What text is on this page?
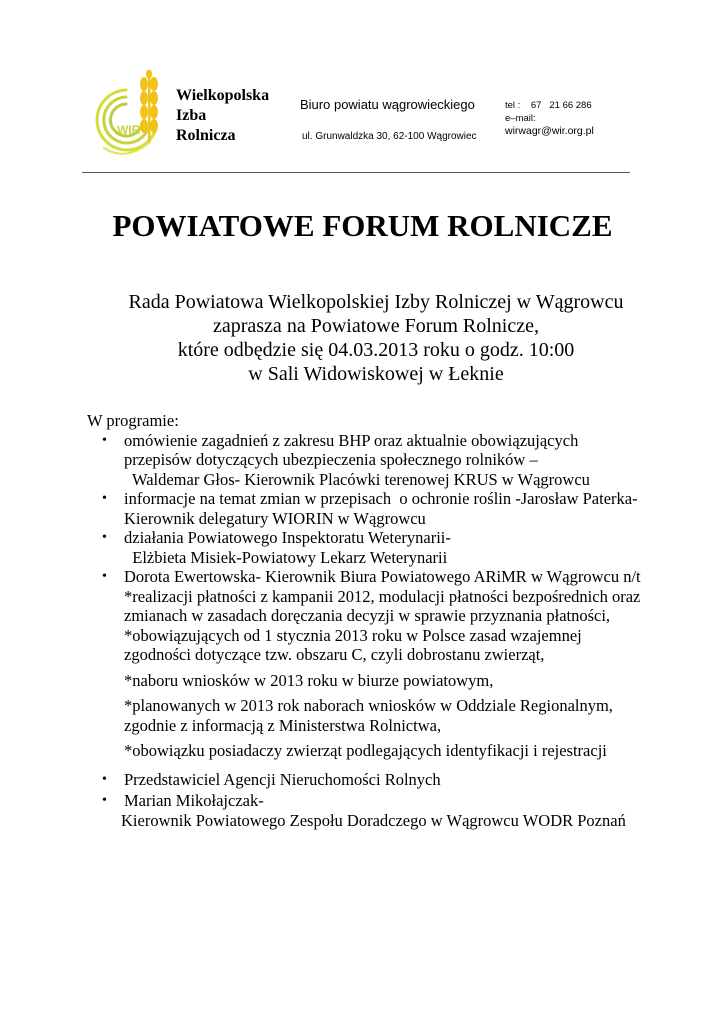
WIR
Wielkopolska
Izba
Rolnicza
Biuro powiatu wągrowieckiego
ul. Grunwaldzka 30, 62-100 Wągrowiec
tel : 67   21 66 286
e–mail:
wirwagr@wir.org.pl
POWIATOWE FORUM ROLNICZE
Rada Powiatowa Wielkopolskiej Izby Rolniczej w Wągrowcu
zaprasza na Powiatowe Forum Rolnicze,
które odbędzie się 04.03.2013 roku o godz. 10:00
w Sali Widowiskowej w Łeknie
W programie:
• omówienie zagadnień z zakresu BHP oraz aktualnie obowiązujących
przepisów dotyczących ubezpieczenia społecznego rolników –
Waldemar Głos- Kierownik Placówki terenowej KRUS w Wągrowcu
• informacje na temat zmian w przepisach  o ochronie roślin -Jarosław Paterka-
Kierownik delegatury WIORIN w Wągrowcu
• działania Powiatowego Inspektoratu Weterynarii-
Elżbieta Misiek-Powiatowy Lekarz Weterynarii
• Dorota Ewertowska- Kierownik Biura Powiatowego ARiMR w Wągrowcu n/t
*realizacji płatności z kampanii 2012, modulacji płatności bezpośrednich oraz
zmianach w zasadach doręczania decyzji w sprawie przyznania płatności,
*obowiązujących od 1 stycznia 2013 roku w Polsce zasad wzajemnej
zgodności dotyczące tzw. obszaru C, czyli dobrostanu zwierząt,
*naboru wniosków w 2013 roku w biurze powiatowym,
*planowanych w 2013 rok naborach wniosków w Oddziale Regionalnym,
zgodnie z informacją z Ministerstwa Rolnictwa,
*obowiązku posiadaczy zwierząt podlegających identyfikacji i rejestracji
• Przedstawiciel Agencji Nieruchomości Rolnych
• Marian Mikołajczak-
Kierownik Powiatowego Zespołu Doradczego w Wągrowcu WODR Poznań
